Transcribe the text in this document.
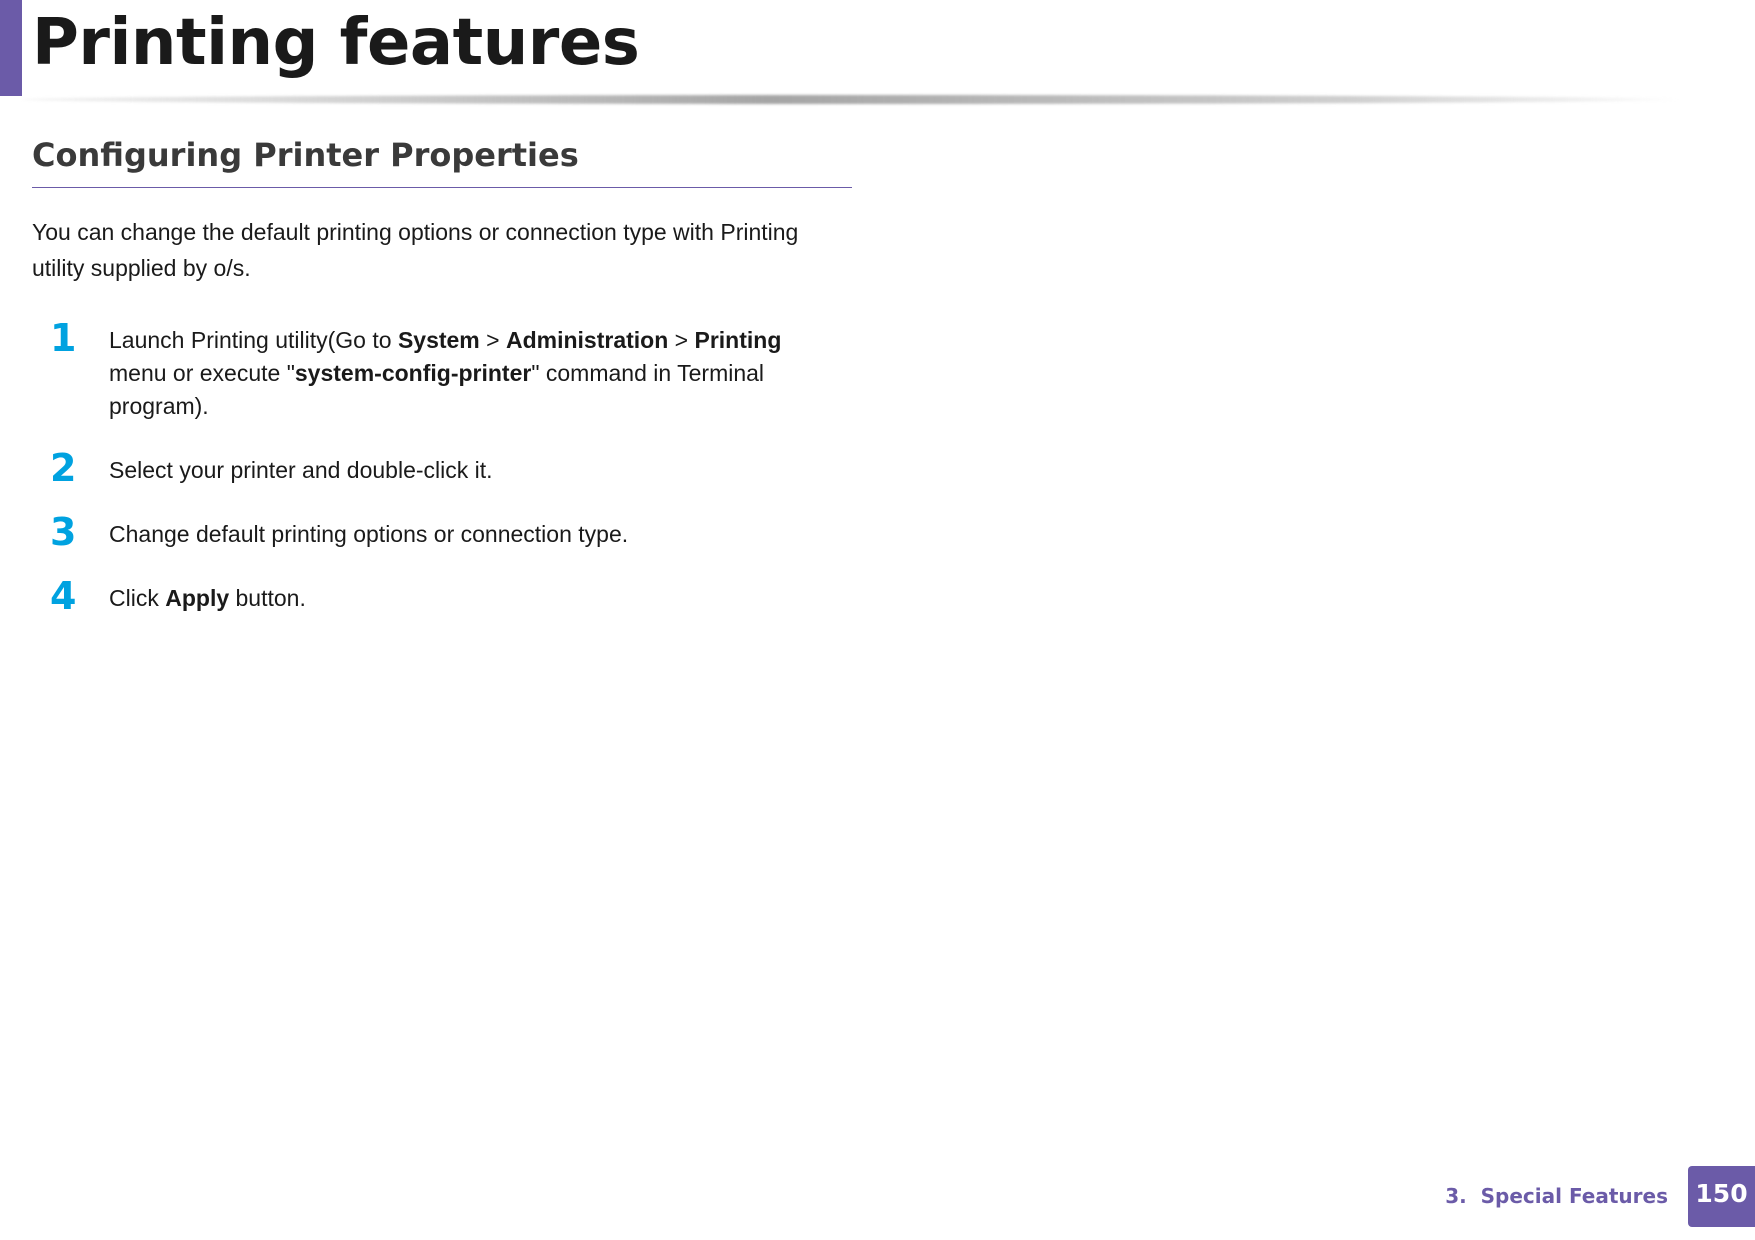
Printing features
Configuring Printer Properties

You can change the default printing options or connection type with Printing utility supplied by o/s.

1 Launch Printing utility(Go to System > Administration > Printing menu or execute "system-config-printer" command in Terminal program).
2 Select your printer and double-click it.
3 Change default printing options or connection type.
4 Click Apply button.
3.  Special Features 150
